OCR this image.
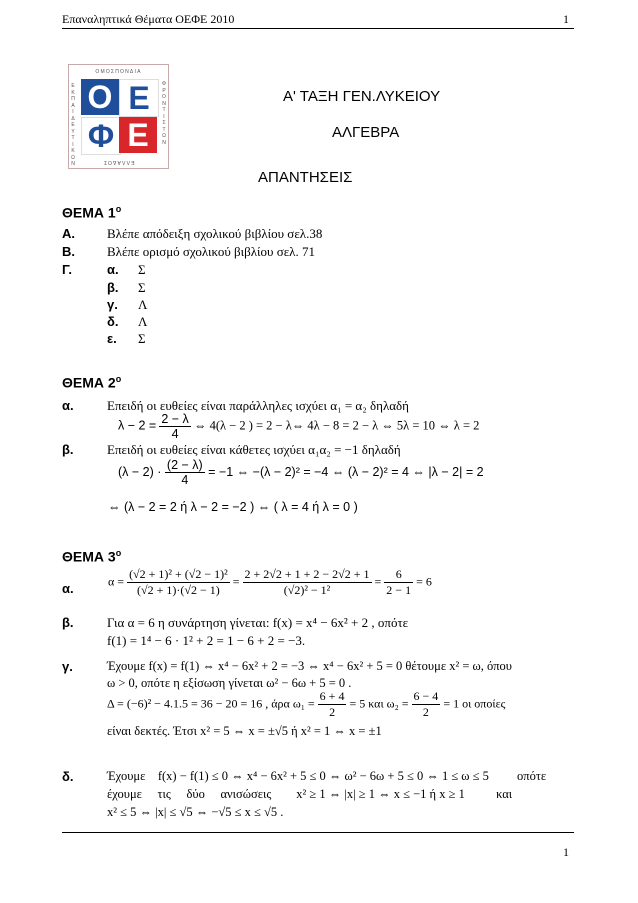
Επαναληπτικά Θέματα ΟΕΦΕ 2010	1
ΟΜΟΣΠΟΝΔΙΑ
Ε
Κ
Π
Α
Ι
Δ
Ε
Υ
Τ
Ι
Κ
Ω
Ν
Φ
Ρ
Ο
Ν
Τ
Ι
Σ
Τ
Ω
Ν
ΕΛΛΑΔΟΣ
Ο Ε
Φ Ε
Α' ΤΑΞΗ ΓΕΝ.ΛΥΚΕΙΟΥ
ΑΛΓΕΒΡΑ
ΑΠΑΝΤΗΣΕΙΣ
ΘΕΜΑ $1^o$
Α. Βλέπε απόδειξη σχολικού βιβλίου σελ.38
Β. Βλέπε ορισμό σχολικού βιβλίου σελ. 71
Γ.	α. Σ
β. Σ
γ. Λ
δ. Λ
ε. Σ
ΘΕΜΑ $2^o$
α.	Επειδή οι ευθείες είναι παράλληλες ισχύει α₁ = α₂ δηλαδή
$\lambda - 2 = \frac{2 - \lambda}{4}$ ⇔ 4(λ − 2 ) = 2 − λ⇔ 4λ − 8 = 2 − λ ⇔ 5λ = 10 ⇔ λ = 2
β.	Επειδή οι ευθείες είναι κάθετες ισχύει α₁α₂ = −1 δηλαδή
$(\lambda - 2) \cdot \frac{(2 - \lambda)}{4} = -1$ ⇔ −(λ − 2)² = −4 ⇔ (λ − 2)² = 4 ⇔ |λ − 2| = 2
⇔ (λ − 2 = 2 ή λ − 2 = −2 ) ⇔ ( λ = 4 ή λ = 0 )
ΘΕΜΑ $3^o$
α.	$\alpha = \frac{\text{(√2 + 1)² + (√2 − 1)²}}{(√2 + 1)\cdot(√2 - 1)} = \frac{2 + 2√2 + 1 + 2 - 2√2 + 1}{\text{(√2)² − 1²}} = \frac{6}{2 - 1} = 6$
β.	Για α = 6 η συνάρτηση γίνεται: f(x) = x⁴ − 6x² + 2 , οπότε
f(1) = 1⁴ − 6 · 1² + 2 = 1 − 6 + 2 = −3.
γ.	Έχουμε f(x) = f(1) ⇔ x⁴ − 6x² + 2 = −3 ⇔ x⁴ − 6x² + 5 = 0 θέτουμε x² = ω, όπου
ω > 0, οπότε η εξίσωση γίνεται ω² − 6ω + 5 = 0 .
Δ = (−6)² − 4.1.5 = 36 − 20 = 16 , άρα $\omega_1 = \frac{6 + 4}{2} = 5$ και $\omega_2 = \frac{6 - 4}{2} = 1$ οι οποίες
είναι δεκτές. Έτσι x² = 5 ⇔ x = ±√5 ή x² = 1 ⇔ x = ±1
δ.	Έχουμε    f(x) − f(1) ≤ 0 ⇔ x⁴ − 6x² + 5 ≤ 0 ⇔ ω² − 6ω + 5 ≤ 0 ⇔ 1 ≤ ω ≤ 5         οπότε
έχουμε     τις     δύο     ανισώσεις        x² ≥ 1 ⇔ |x| ≥ 1 ⇔ x ≤ −1 ή x ≥ 1          και
x² ≤ 5 ⇔ |x| ≤ √5 ⇔ −√5 ≤ x ≤ √5 .
1
